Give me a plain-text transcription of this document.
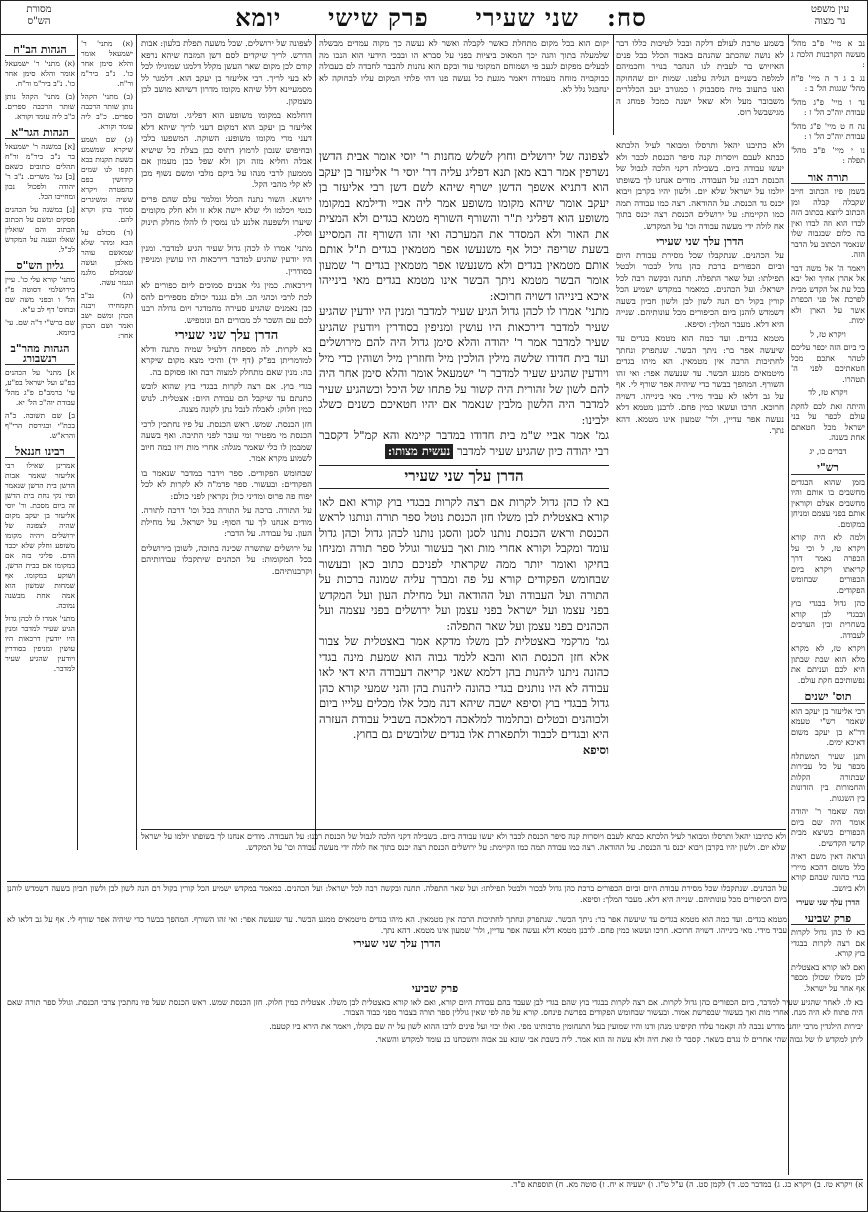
עין משפט
נר מצוה
סח:   שני שעירי     פרק שישי     יומא
מסורת
הש"ס

נב א מיי' פ"ב מהל' מעשה הקרבנות הלכה ג :

נג ב ג ד ה מיי' פ"ח מהל' שגגות הל' ב :

נד ו מיי' פ"ג מהל' עבודת יוה"כ הל' ז :

נה ח ט מיי' פ"ג מהל' עבודת יוה"כ הל' ו :

נו י מיי' פ"ב מהל' תפלה :

תורה אור

בשמן פיו הכתוב חייב שקבלה קבלה ומן הכתוב ליוצא בכתוב הזה לבדו הוא וזה לבדו ואין בה כלום שבגבוה שלו שנאמר הכתוב על הדבר הזה.

ויאמר ה' אל משה דבר אל אהרן אחיך ואל יבא בכל עת אל הקדש מבית לפרכת אל פני הכפרת אשר על הארן ולא ימות.

ויקרא טז, ל

כי ביום הזה יכפר עליכם לטהר אתכם מכל חטאתיכם לפני ה' תטהרו.

ויקרא טז, לד

והיתה זאת לכם לחקת עולם לכפר על בני ישראל מכל חטאתם אחת בשנה.

דברים כו, יג

רש"י

בזמן שהוא הבגדים מחשבים בו אותם והיו מחשבים אצלם וקוראין אותם בפני עצמם ומניחן במקומם.

ולמה לא היה קורא ויקרא טז, ל וכי על הכפרה נאמר דרך קריאתו ויקרא ביום הכפורים שבחומש הפקודים.

כהן גדול בבגדי בוץ ובבגדי לבן קורא בשחרית ובין הערבים לעבודה.

ויקרא טז, לא מקרא מלא הוא שבת שבתון היא לכם ועניתם את נפשותיכם חקת עולם.

תוס' ישנים

רבי אליעזר בן יעקב הוא שאמר רש"י טעמא דר"א בן יעקב משום דאיכא ימים.

ותנן שעיר המשתלח מכפר על כל עבירות שבתורה הקלות והחמורות בין הזדונות בין השגגות.

ומה שאמר ר' יהודה אומר היה שם ביום הכפורים כשיצא מבית קדשי הקדשים.

ונראה דאין משם ראיה כלל משום דהכא מיירי בגדי כהונה שבהם קורא ולא ביושב.

הדרן עלך שני שעירי

פרק שביעי

בא לו כהן גדול לקרות אם רצה לקרות בבגדי בוץ קורא.

ואם לאו קורא באצטלית לבן משלו שכולן מכפר אף אחר על ישראל.

בשמע טרבת לעולם דלקה ובכל לטיבות כללו דבר לא נושה שהכתב שהנהם באבוד הכלל כבל פנים האיזיוש בר לעבית לנו הנהבר בנויר וחכמיהם למלפה בשניים הנליה עלפנו. שמות יום שהחוקה ואנו בתעוב מיה מסבבוק ו כמגורב יעב הכללרים משבובר מעל ולא שאל ישנה כמכל פמחג ה מגישבשל רוס.

יקום הוא בכל מקום מתחלת כאשר לקבלה ואשר לא נעשה כך מקוה עמדים מבשלה שלמעלה בתוך והגה יכך המאוכ ביציות בפני על סברא הו ובבכי הידעי הוא הנכו מה לבעלים מפקום לגעב פי ושמוחם המקומי עוד ובקם הוא נהנות להבבר לחבדה לם בעבולה כבוקבויה מוחה מעמדה ויאמר מגעת כל נעשה פנו דהי פלתי המקום עליו לבחוקה לא ינחבגל גלל לא.

ולא כתיבנו יהאל ותרסלו ומבואר לעיל הלכתא כבתא לעבם ויוסרות קנה סיפר הכנסת לכבר ולא יעשו עבודה ביום. בשבילה דקני הלכה לגבול של הכנסת רבנו: על העבודה. מודים אנחנו לך בשופתו יולמו על ישראל שלא יום. ולשון יהיו בקרבן ויבוא יכנס גד הכנסת. על ההודאה. רצה כמו עבודה תמה כמו הקיימת: על ירושלים הכנסת רצה יכנס בתוך אח לולה ידי מעשה עבודה וכו' על המקדש.

הדרן עלך שני שעירי

על הכהנים. שנתקבלו שכל מסירת עבודת היום וביום הכפורים ברכת כהן גדול לבכור ולבטל תפילתו: ועל שאר התפלה. תחנה ובקשה רבה לכל ישראל: ועל הכהנים. כמאמר במקדש ישמיע הכל קורין בקול רם הנה לשון לבן ולשון חביון בשעה דשמדש לוהנן ביום הכיפורים מכל עונותיהם. שנייה היא דלא. מעבר המלך: וסיפא.

מטמא בגדים. ועד כמה הוא מטמא בגדים עד שיעשה אפר בר: ניתך הבשר. שנתפרק ונחתך לחתיכות הרבה אין מטמאין. הא מיהו בגדים מיטמאים ממגע הבשר. עד שנעשה אפר: ואי זהו השורף. המהפך בבשר כדי שיהיה אפר שורף לי. אף על גב דלאו לא עביד מידי. מאי בינייהו. דשויה חרוכא. חרכו ועשאו כמין פחם. לרבנן מטמא דלא נעשה אפר עדיין, ולר' שמעון אינו מטמא. דהא נתך.

לצפונה של ירושלים וחוץ לשלש מחנות ר' יוסי אומר אבית הדשן נשרפין אמר רבא מאן תנא דפליג עליה דר' יוסי ר' אליעזר בן יעקב הוא דתניא אשפך הדשן ישרף שיהא לשם דשן רבי אליעזר בן יעקב אומר שיהא מקומו משופע אמר ליה אביי ודילמא במקומו משופע הוא דפליגי ת"ר והשורף השורף מטמא בגדים ולא המצית את האור ולא המסדר את המערכה ואי זהו השורף זה המסייע בשעת שריפה יכול אף משנעשו אפר מטמאין בגדים ת"ל אותם אותם מטמאין בגדים ולא משנעשו אפר מטמאין בגדים ר' שמעון אומר הבשר מטמא ניתך הבשר אינו מטמא בגדים מאי בינייהו איכא בינייהו דשויה חרוכא:

מתני' אמרו לו לכהן גדול הגיע שעיר למדבר ומנין היו יודעין שהגיע שעיר למדבר דירכאות היו עושין ומניפין בסודרין ויודעין שהגיע שעיר למדבר אמר ר' יהודה והלא סימן גדול היה להם מירושלים ועד בית חדודו שלשה מילין הולכין מיל וחוזרין מיל ושוהין כדי מיל ויודעין שהגיע שעיר למדבר ר' ישמעאל אומר והלא סימן אחר היה להם לשון של זהורית היה קשור על פתחו של היכל וכשהגיע שעיר למדבר היה הלשון מלבין שנאמר אם יהיו חטאיכם כשנים כשלג ילבינו:

גמ' אמר אביי ש"מ בית חדודו במדבר קיימא והא קמ"ל דקסבר רבי יהודה כיון שהגיע שעיר למדבר נעשית מצותו:

הדרן עלך שני שעירי

בא לו כהן גדול לקרות אם רצה לקרות בבגדי בוץ קורא ואם לאו קורא באצטלית לבן משלו חזן הכנסת נוטל ספר תורה ונותנו לראש הכנסת וראש הכנסת נותנו לסגן והסגן נותנו לכהן גדול וכהן גדול עומד ומקבל וקורא אחרי מות ואך בעשור וגולל ספר תורה ומניחו בחיקו ואומר יותר ממה שקראתי לפניכם כתוב כאן ובעשור שבחומש הפקודים קורא על פה ומברך עליה שמונה ברכות על התורה ועל העבודה ועל ההודאה ועל מחילת העון ועל המקדש בפני עצמו ועל ישראל בפני עצמן ועל ירושלים בפני עצמה ועל הכהנים בפני עצמן ועל שאר התפלה:

גמ' מרקמי באצטלית לבן משלו מדקא אמר באצטלית של צבור אלא חזן הכנסת הוא והבא ללמד גבוה הוא שמעת מינה בגדי כהונה ניתנו ליהנות בהן דלמא שאני קריאה דעבודה היא דאי לאו עבודה לא היו נותנים בגדי כהונה ליהנות בהן והני שמעי קורא כהן גדול בבגדי בוץ וסיפא ישבה שיהא דנה מכל אלו מכלים עלייו ביום ולכוהנים ובטלים ובתלמוד למלאכה דמלאכה בשביל עבודת העזרה היא ובגדים לכבוד ולתפארת אלו בגדים שלובשים גם בחוץ.

וסיפא

לצפונה של ירושלים. שכל משעה תפלת בלעון: אבות הדרש. לריך שיקדים לסם דשן המזבח שיהא נרפא קודם לכן מקום שאר העשן מקלל דלמגו שמוגילו לכל לא בעי לריך. רבי אליעזר בן יעקב הוא. דלמגר לל מסמעיינא דלל שיהא מקומו מדרון דשיהא מושב לכן מצמקון.

דוחלמא במקומו משופע הוא דפליגי. ומשום הכי אליעזר בן יעקב הוא דמקום דעני לריך שיהא דלא דעני מרי מקומו משופע: השוקה. המשפעו בלבי ובחיפוש שנכון לרמוץ דתוס כבן בצלת כל שישיא אבלה וחליא מזה וקן ולא שפל כבן מעמון אם מממעון לרבי מנהו על ביקם מלבי ומשם נשוף מכן לא קלי מהבי הקל.

ירושא. השור נתנה הכלל ומלמר עלם שהם פרים כנטי ויכלמו ולי שלא יישה אלא זו ולא חלק מקומים שיערו ולשפעה אלנע לנו נמסין לו להלו מחלק תינוק וסלק.

מתני' אמרו לו לכהן גדול שעיר הגיע למדבר. ומנין היו יודעין שהגיע למדבר דירכאות היו עושין ומניפין בסודרין.

דירכאות. כמין גלי אבנים סמוכים ליום כפורים לא לכת לרבי וכהגי הב. ולם גנגנד יכולם מספירים להס כבן נאמנים שהגיע סעירה מהמדגר ויום גדולה רבנו לכם עם השכר לכ מכורים הם ונומפיש.

הדרן עלך שני שעירי

בא לקרות. לה מספחה דלעיל שמיה מתנה ודלא למדמריתן בפ"ק (דף יד) והיכי מצא מקום שיקרא בה: מנין שאם מתחלק למצוה רבה ואז פסוקם בה.

בגדי בוץ. אם רצה לקרות בבגדי בוץ שהוא לובש כתנתם עד שיקבל הם עבודת היום: אצטלית. לנוש כמין חלוק: לאבלה לנבל נתן לקונה מצנה.

חזן הכנסת. שמש. ראש הכנסת. על פיו נחתכין לרכי הכנסת מי מפטיר ומי עובר לפני התיבה. ואף בשעה שמבמן לו כלי שאמר מגלה: אחרי מות ויזו כמה חיוב לשמוע מקרא אמר.

שבחומש הפקודים. ספר וידבר במדבר שנאמר בו הפקודים: ובעשור. ספר פדמ"ה לא לקרות לא לכל יפוח פה פרוס ומדיני כולן נקראין לפני כולם:

על התורה. ברכה על התורה בכל וכו' דרכה לתורה. מודים אנחנו לך עד הסוף: על ישראל. על מחילת העון. על עבודה. על הדבר:

על ירושלים שתשרה שכינה בתוכה, לשוכן בירושלים בכל המקומות: על הכהנים שיתקבלו עבודותיהם וקרבנותיהם.

(א) מתני' ר' ישמעאל אומר והלא סימן אחר כו'. נ"ב ביר"מ ור"ח.

(ב) מתני' הקהל נותן שותר הרכבה ספרים. כ"ב ליה עומד וקורא.

(ג) שם ושמע שיקרא שמשמע בשעת תקנות בבא תקפו לנו שמים קידושין בפם בהפטרה ויקרא ששיה ומשיגרים סמוך בהן וקרא להם.

(ד) מכולם על הבא ומהר שלא שמאשם עוהר מאלבן ועשה שמבולם מלגמ ונגמר עשה.

(ה) נב"ב תקמחירו ויבנה הכהן ומשם ישב ואמר ושם הכהן אחר:

הגהות הב"ח

(א) מתני' ר' ישמעאל אומר והלא סימן אחר כו'. נ"ב ביר"מ ור"ח.

(ב) מתני' הקהל נותן שותר הרכבה ספרים. כ"ב ליה עומד וקורא.

הגהות הגר"א

[א] במשנה ר' ישמעאל בר נ"ב ביר"מ ור"ח תהלים כתובים כשאם [ב] גמ' משרים. נ"ב ר' יהודה ולפכול נכון ומחייבו הכל.

[ג] במשנה על הכהנים פסקים ומשם על הכתוב הכתוב והם שואלין שאלו ונענה על המקדש לכ"ל.

גליון הש"ס

מתני' קורא עלי כו'. עיין בירושלמי דסוטה פ"ז הל' ו ובפני משה שם ובחוס' דף לב ע"א.

שם ברש"י ד"ה שם. עי' ביומא.

הגהות מהר"ב רנשבורג

א] מתני' על הכהנים בפ"ע ועל ישראל בפ"ע, עי' ברמב"ם פ"ג מהל' עבודת יוה"כ הל' יא.

ב] שם תשובה. כ"ה בכת"י ובגירסת הרי"ף והרא"ש.

רבינו חננאל

אמרינן שאילו רבי אליעזר שאמר אבות הדשן בית הדשן שנאמר ופיו נקי נחת בית הדשן זה ביום מסכת. ור' יוסי אליעזר בן יעקב מקום שהיה לצפונה של ירושלים ויהיה מקומו משופע וחלק שלא יכבד הדם. פליגי בזה אם במקומו אם בבית הדשן. ושוקע במקומו. אף שמחות שמשון הוא אמה אחת מבשנה נמוכה.

מתני' אמרו לו לכהן גדול הגיע שעיר למדבר ומנין היו יודעין דרכאות היו עושין ומניפין בסודרין ויודעין שהגיע שעיר למדבר.

ולא כתיבנו יהאל ותרסלו ומבואר לעיל הלכתא כבתא לעבם ויוסרות קנה סיפר הכנסת לכבר ולא יעשו עבודה ביום. בשבילה דקני הלכה לגבול של הכנסת רבנו: על העבודה. מודים אנחנו לך בשופתו יולמו על ישראל שלא יום. ולשון יהיו בקרבן ויבוא יכנס גד הכנסת. על ההודאה. רצה כמו עבודה תמה כמו הקיימת: על ירושלים הכנסת רצה יכנס בתוך אח לולה ידי מעשה עבודה וכו' על המקדש.

על הכהנים. שנתקבלו שכל מסירת עבודת היום וביום הכפורים ברכת כהן גדול לבכור ולבטל תפילתו: ועל שאר התפלה. תחנה ובקשה רבה לכל ישראל: ועל הכהנים. כמאמר במקדש ישמיע הכל קורין בקול רם הנה לשון לבן ולשון חביון בשעה דשמדש לוהנן ביום הכיפורים מכל עונותיהם. שנייה היא דלא. מעבר המלך: וסיפא.

מטמא בגדים. ועד כמה הוא מטמא בגדים עד שיעשה אפר בר: ניתך הבשר. שנתפרק ונחתך לחתיכות הרבה אין מטמאין. הא מיהו בגדים מיטמאים ממגע הבשר. עד שנעשה אפר: ואי זהו השורף. המהפך בבשר כדי שיהיה אפר שורף לי. אף על גב דלאו לא עביד מידי. מאי בינייהו. דשויה חרוכא. חרכו ועשאו כמין פחם. לרבנן מטמא דלא נעשה אפר עדיין, ולר' שמעון אינו מטמא. דהא נתך.

הדרן עלך שני שעירי
פרק שביעי

בא לו. לאחר שהגיע שעיר למדבר, ביום הכפורים כהן גדול לקרות. אם רצה לקרות בבגדי בוץ שהם בגדי לבן שעבד בהם עבודת היום קורא, ואם לאו קורא באצטלית לבן משלו. אצטלית כמין חלוק. חזן הכנסת שמש. ראש הכנסת שעל פיו נחתכין צרכי הכנסת. וגולל ספר תורה שאם היה פתוח לא היה מנח. אחרי מות ואך בעשור שבפרשת אמור. ובעשור שבחומש הפקודים בפרשת פינחס. קורא על פה לפי שאין גוללין ספר תורה בצבור מפני כבוד הצבור.

יבירות הילגדין מרבי יוחנן מדרש נכבה לה וקאמר עלדו תקיפינו מנהן ודנו והיו שמועין בעל התנחומין מרבותינו מפי. ואלו יבזי ועל פינים לרבו ההוא לשון על יה שם בקולו, ויאמר את הירא ביו קטעמ.

ליתן למקדש לו של גבוה שהי אחרים לו נגדם בשאר. קסבר לו זאת חיה ולא עשה זה הוא אמר. ליה בשבת אבי שונא עב אבוה ותשכחנו כנ עומד למקדש והשאר.

א) ויקרא טז. ב) ויקרא כג. ג) במדבר כט. ד) לקמן סט. ה) ע"ל ט"ז. ו) ישעיה א יח. ז) סוטה מא. ח) תוספתא פ"ד.
